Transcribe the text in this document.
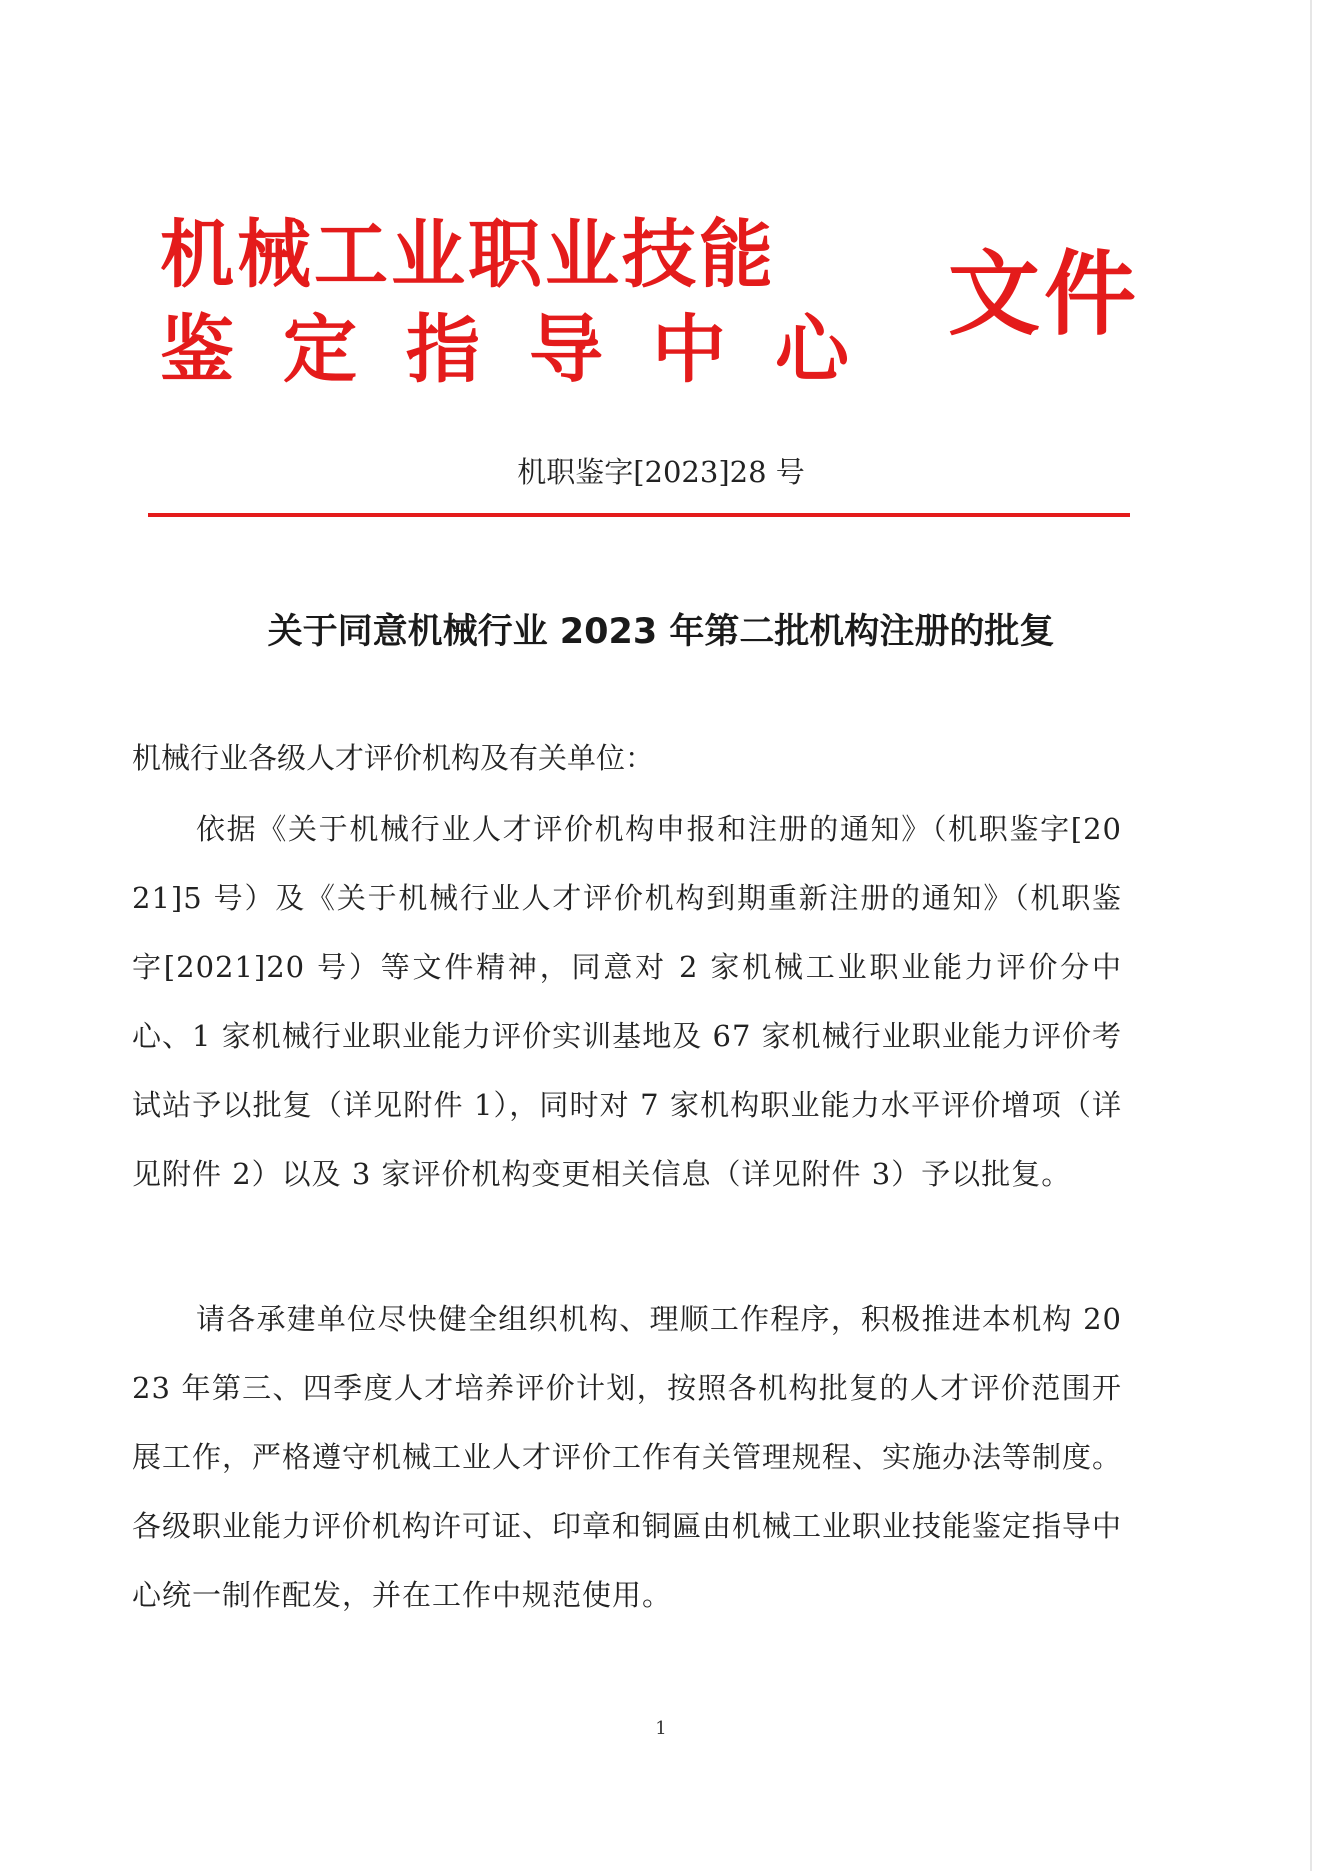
机械工业职业技能
鉴定指导中心
文件
机职鉴字[2023]28 号
关于同意机械行业 2023 年第二批机构注册的批复
机械行业各级人才评价机构及有关单位：

依据《关于机械行业人才评价机构申报和注册的通知》（机职鉴字[2021]5 号）及《关于机械行业人才评价机构到期重新注册的通知》（机职鉴字[2021]20 号）等文件精神，同意对 2 家机械工业职业能力评价分中心、1 家机械行业职业能力评价实训基地及 67 家机械行业职业能力评价考试站予以批复（详见附件 1），同时对 7 家机构职业能力水平评价增项（详见附件 2）以及 3 家评价机构变更相关信息（详见附件 3）予以批复。

请各承建单位尽快健全组织机构、理顺工作程序，积极推进本机构 2023 年第三、四季度人才培养评价计划，按照各机构批复的人才评价范围开展工作，严格遵守机械工业人才评价工作有关管理规程、实施办法等制度。各级职业能力评价机构许可证、印章和铜匾由机械工业职业技能鉴定指导中心统一制作配发，并在工作中规范使用。

1
